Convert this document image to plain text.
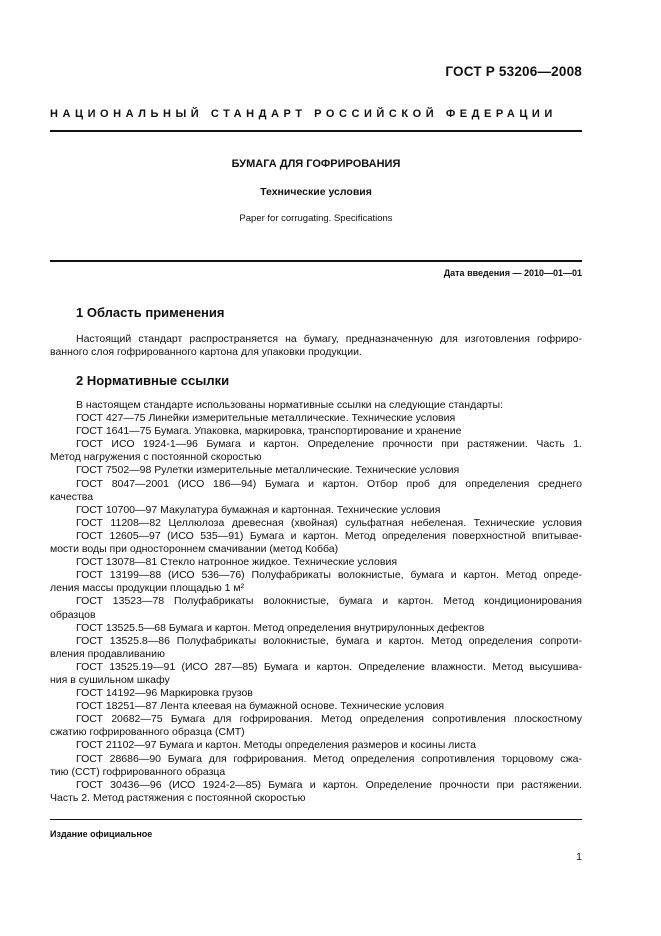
ГОСТ Р 53206—2008
НАЦИОНАЛЬНЫЙ СТАНДАРТ РОССИЙСКОЙ ФЕДЕРАЦИИ
БУМАГА ДЛЯ ГОФРИРОВАНИЯ
Технические условия
Paper for corrugating. Specifications
Дата введения — 2010—01—01
1 Область применения
Настоящий стандарт распространяется на бумагу, предназначенную для изготовления гофриро-
ванного слоя гофрированного картона для упаковки продукции.
2 Нормативные ссылки
В настоящем стандарте использованы нормативные ссылки на следующие стандарты:
ГОСТ 427—75 Линейки измерительные металлические. Технические условия
ГОСТ 1641—75 Бумага. Упаковка, маркировка, транспортирование и хранение
ГОСТ ИСО 1924-1—96 Бумага и картон. Определение прочности при растяжении. Часть 1.
Метод нагружения с постоянной скоростью
ГОСТ 7502—98 Рулетки измерительные металлические. Технические условия
ГОСТ 8047—2001 (ИСО 186—94) Бумага и картон. Отбор проб для определения среднего
качества
ГОСТ 10700—97 Макулатура бумажная и картонная. Технические условия
ГОСТ 11208—82 Целлюлоза древесная (хвойная) сульфатная небеленая. Технические условия
ГОСТ 12605—97 (ИСО 535—91) Бумага и картон. Метод определения поверхностной впитывае-
мости воды при одностороннем смачивании (метод Кобба)
ГОСТ 13078—81 Стекло натронное жидкое. Технические условия
ГОСТ 13199—88 (ИСО 536—76) Полуфабрикаты волокнистые, бумага и картон. Метод опреде-
ления массы продукции площадью 1 м²
ГОСТ 13523—78 Полуфабрикаты волокнистые, бумага и картон. Метод кондиционирования
образцов
ГОСТ 13525.5—68 Бумага и картон. Метод определения внутрирулонных дефектов
ГОСТ 13525.8—86 Полуфабрикаты волокнистые, бумага и картон. Метод определения сопроти-
вления продавливанию
ГОСТ 13525.19—91 (ИСО 287—85) Бумага и картон. Определение влажности. Метод высушива-
ния в сушильном шкафу
ГОСТ 14192—96 Маркировка грузов
ГОСТ 18251—87 Лента клеевая на бумажной основе. Технические условия
ГОСТ 20682—75 Бумага для гофрирования. Метод определения сопротивления плоскостному
сжатию гофрированного образца (СМТ)
ГОСТ 21102—97 Бумага и картон. Методы определения размеров и косины листа
ГОСТ 28686—90 Бумага для гофрирования. Метод определения сопротивления торцовому сжа-
тию (ССТ) гофрированного образца
ГОСТ 30436—96 (ИСО 1924-2—85) Бумага и картон. Определение прочности при растяжении.
Часть 2. Метод растяжения с постоянной скоростью
Издание официальное
1
